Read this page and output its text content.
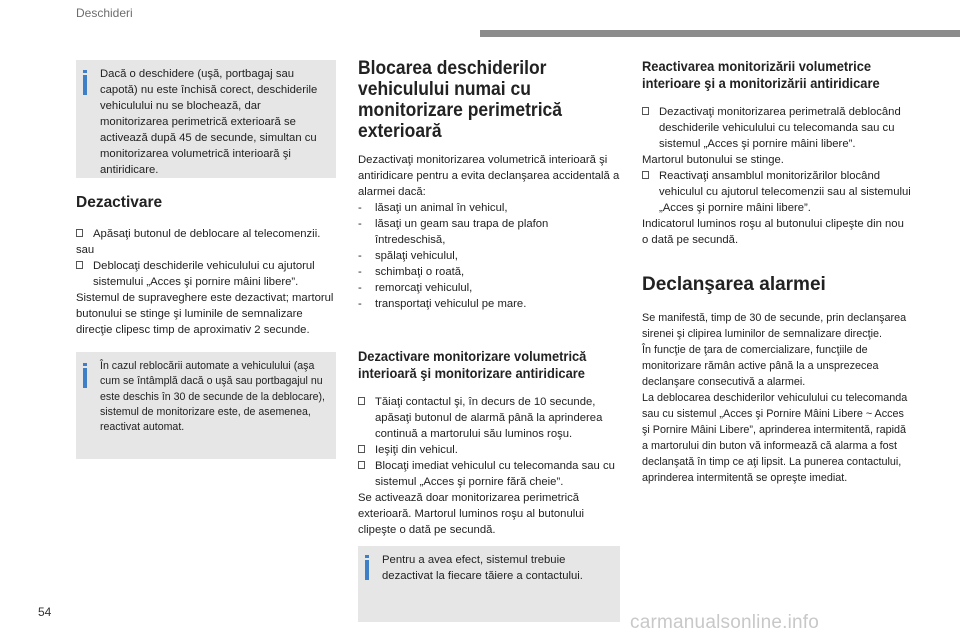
Deschideri

Dacă o deschidere (uşă, portbagaj sau capotă) nu este închisă corect, deschiderile vehiculului nu se blochează, dar monitorizarea perimetrică exterioară se activează după 45 de secunde, simultan cu monitorizarea volumetrică interioară şi antiridicare.

Dezactivare

Apăsaţi butonul de deblocare al telecomenzii.

sau

Deblocaţi deschiderile vehiculului cu ajutorul sistemului „Acces şi pornire mâini libere”.

Sistemul de supraveghere este dezactivat; martorul butonului se stinge şi luminile de semnalizare direcţie clipesc timp de aproximativ 2 secunde.

În cazul reblocării automate a vehiculului (aşa cum se întâmplă dacă o uşă sau portbagajul nu este deschis în 30 de secunde de la deblocare), sistemul de monitorizare este, de asemenea, reactivat automat.

Blocarea deschiderilor vehiculului numai cu monitorizare perimetrică exterioară

Dezactivaţi monitorizarea volumetrică interioară şi antiridicare pentru a evita declanşarea accidentală a alarmei dacă:

- lăsaţi un animal în vehicul,

- lăsaţi un geam sau trapa de plafon întredeschisă,

- spălaţi vehiculul,

- schimbaţi o roată,

- remorcaţi vehiculul,

- transportaţi vehiculul pe mare.

Dezactivare monitorizare volumetrică interioară şi monitorizare antiridicare

Tăiaţi contactul şi, în decurs de 10 secunde, apăsaţi butonul de alarmă până la aprinderea continuă a martorului său luminos roşu.

Ieşiţi din vehicul.

Blocaţi imediat vehiculul cu telecomanda sau cu sistemul „Acces şi pornire fără cheie”.

Se activează doar monitorizarea perimetrică exterioară. Martorul luminos roşu al butonului clipeşte o dată pe secundă.

Pentru a avea efect, sistemul trebuie dezactivat la fiecare tăiere a contactului.

Reactivarea monitorizării volumetrice interioare şi a monitorizării antiridicare

Dezactivaţi monitorizarea perimetrală deblocând deschiderile vehiculului cu telecomanda sau cu sistemul „Acces şi pornire mâini libere”.

Martorul butonului se stinge.

Reactivaţi ansamblul monitorizărilor blocând vehiculul cu ajutorul telecomenzii sau al sistemului „Acces şi pornire mâini libere”.

Indicatorul luminos roşu al butonului clipeşte din nou o dată pe secundă.

Declanşarea alarmei

Se manifestă, timp de 30 de secunde, prin declanşarea sirenei şi clipirea luminilor de semnalizare direcţie.

În funcţie de ţara de comercializare, funcţiile de monitorizare rămân active până la a unsprezecea declanşare consecutivă a alarmei.

La deblocarea deschiderilor vehiculului cu telecomanda sau cu sistemul „Acces şi Pornire Mâini Libere ~ Acces şi Pornire Mâini Libere”, aprinderea intermitentă, rapidă a martorului din buton vă informează că alarma a fost declanşată în timp ce aţi lipsit. La punerea contactului, aprinderea intermitentă se opreşte imediat.

54	carmanualsonline.info
